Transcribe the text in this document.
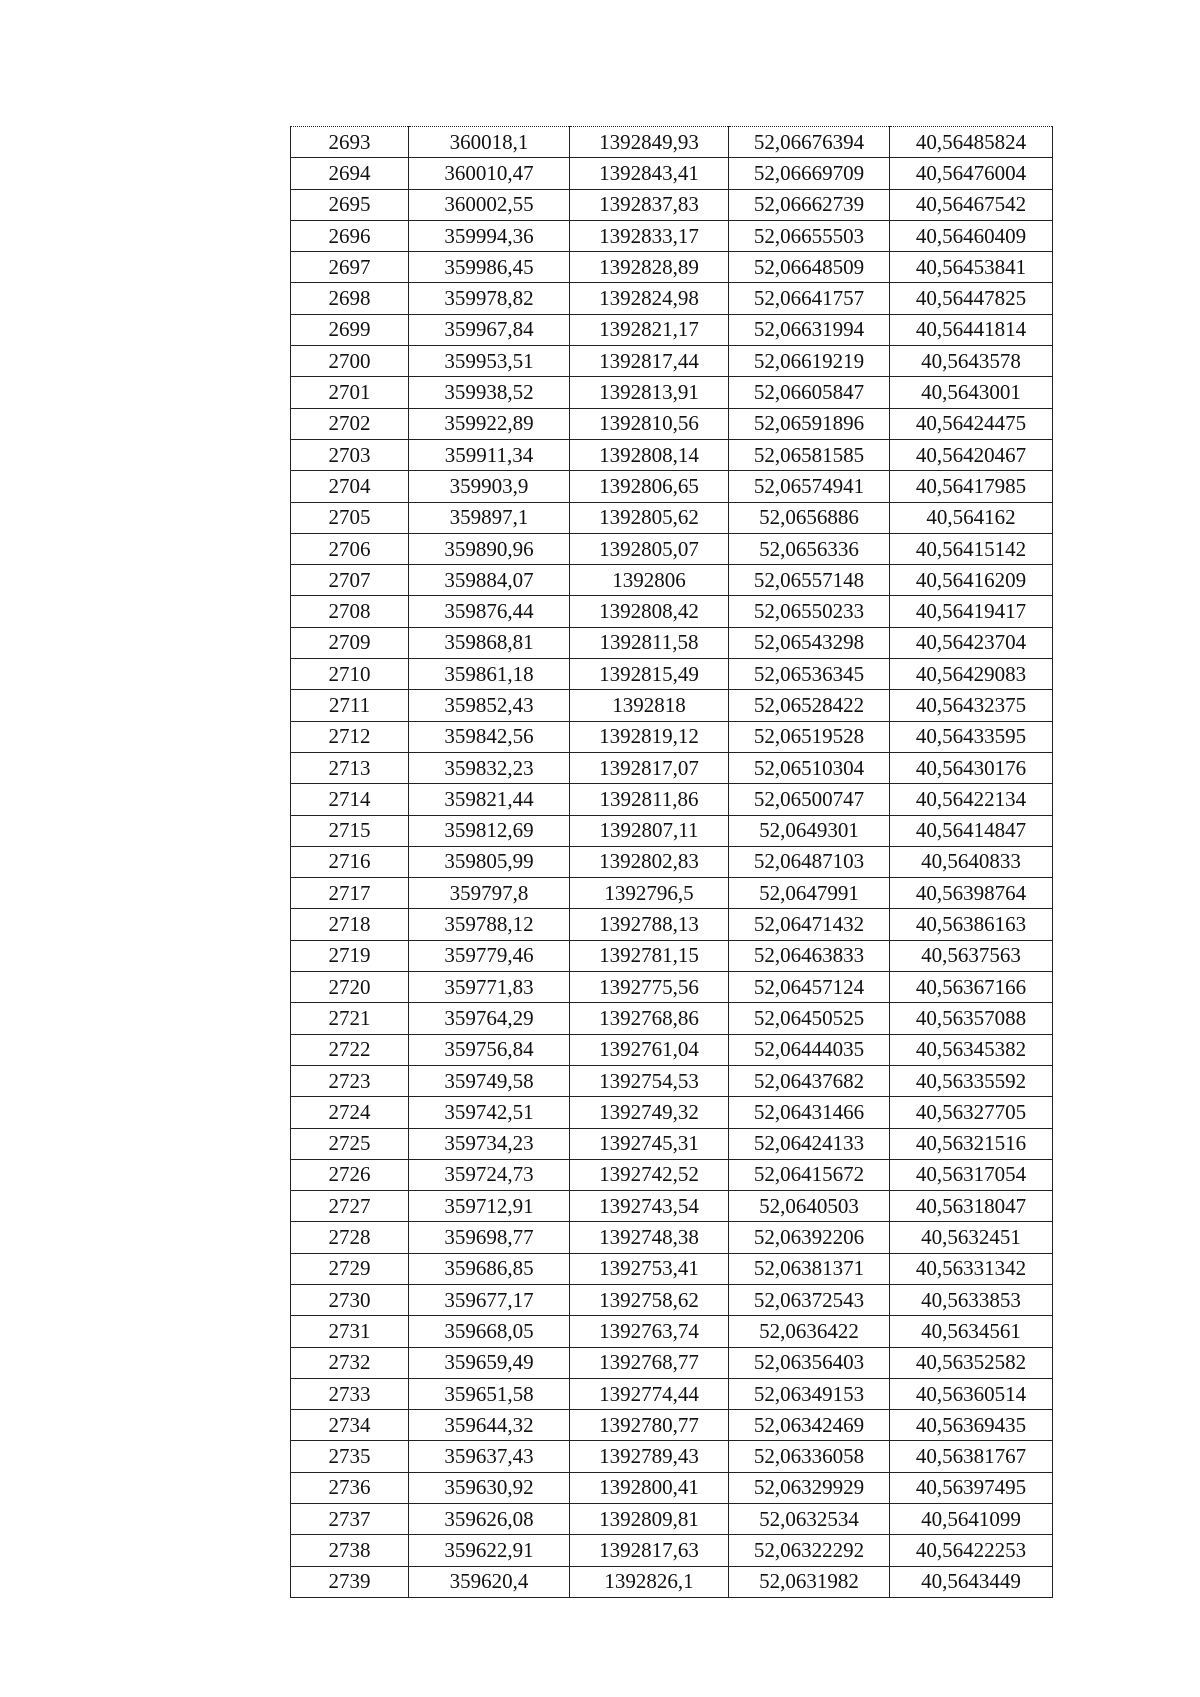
2693	360018,1	1392849,93	52,06676394	40,56485824
2694	360010,47	1392843,41	52,06669709	40,56476004
2695	360002,55	1392837,83	52,06662739	40,56467542
2696	359994,36	1392833,17	52,06655503	40,56460409
2697	359986,45	1392828,89	52,06648509	40,56453841
2698	359978,82	1392824,98	52,06641757	40,56447825
2699	359967,84	1392821,17	52,06631994	40,56441814
2700	359953,51	1392817,44	52,06619219	40,5643578
2701	359938,52	1392813,91	52,06605847	40,5643001
2702	359922,89	1392810,56	52,06591896	40,56424475
2703	359911,34	1392808,14	52,06581585	40,56420467
2704	359903,9	1392806,65	52,06574941	40,56417985
2705	359897,1	1392805,62	52,0656886	40,564162
2706	359890,96	1392805,07	52,0656336	40,56415142
2707	359884,07	1392806	52,06557148	40,56416209
2708	359876,44	1392808,42	52,06550233	40,56419417
2709	359868,81	1392811,58	52,06543298	40,56423704
2710	359861,18	1392815,49	52,06536345	40,56429083
2711	359852,43	1392818	52,06528422	40,56432375
2712	359842,56	1392819,12	52,06519528	40,56433595
2713	359832,23	1392817,07	52,06510304	40,56430176
2714	359821,44	1392811,86	52,06500747	40,56422134
2715	359812,69	1392807,11	52,0649301	40,56414847
2716	359805,99	1392802,83	52,06487103	40,5640833
2717	359797,8	1392796,5	52,0647991	40,56398764
2718	359788,12	1392788,13	52,06471432	40,56386163
2719	359779,46	1392781,15	52,06463833	40,5637563
2720	359771,83	1392775,56	52,06457124	40,56367166
2721	359764,29	1392768,86	52,06450525	40,56357088
2722	359756,84	1392761,04	52,06444035	40,56345382
2723	359749,58	1392754,53	52,06437682	40,56335592
2724	359742,51	1392749,32	52,06431466	40,56327705
2725	359734,23	1392745,31	52,06424133	40,56321516
2726	359724,73	1392742,52	52,06415672	40,56317054
2727	359712,91	1392743,54	52,0640503	40,56318047
2728	359698,77	1392748,38	52,06392206	40,5632451
2729	359686,85	1392753,41	52,06381371	40,56331342
2730	359677,17	1392758,62	52,06372543	40,5633853
2731	359668,05	1392763,74	52,0636422	40,5634561
2732	359659,49	1392768,77	52,06356403	40,56352582
2733	359651,58	1392774,44	52,06349153	40,56360514
2734	359644,32	1392780,77	52,06342469	40,56369435
2735	359637,43	1392789,43	52,06336058	40,56381767
2736	359630,92	1392800,41	52,06329929	40,56397495
2737	359626,08	1392809,81	52,0632534	40,5641099
2738	359622,91	1392817,63	52,06322292	40,56422253
2739	359620,4	1392826,1	52,0631982	40,5643449
